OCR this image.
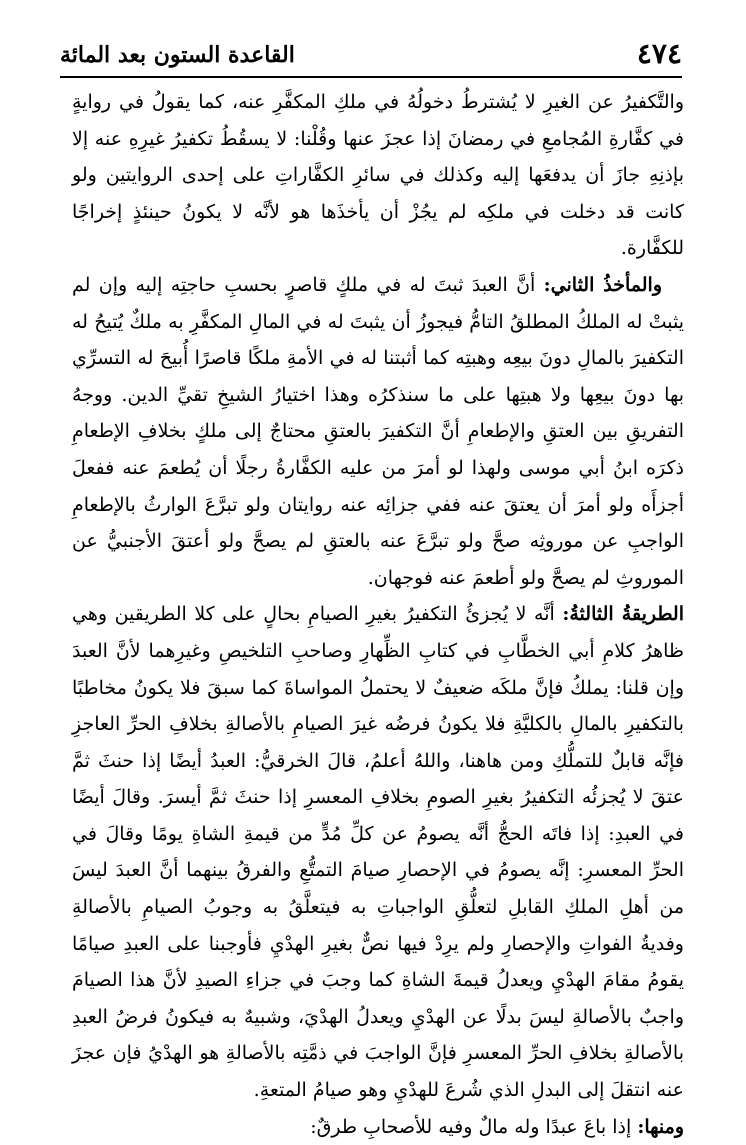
٤٧٤
القاعدة الستون بعد المائة

والتَّكفيرُ عن الغيرِ لا يُشترطُ دخولُهُ في ملكِ المكفَّرِ عنه، كما يقولُ في روايةٍ في كفَّارةِ المُجامعِ في رمضانَ إذا عجزَ عنها وقُلْنا: لا يسقُطُ تكفيرُ غيرِهِ عنه إلا بإذنِهِ جازَ أن يدفعَها إليه وكذلك في سائرِ الكفَّاراتِ على إحدى الروايتين ولو كانت قد دخلت في ملكِه لم يجُزْ أن يأخذَها هو لأنَّه لا يكونُ حينئذٍ إخراجًا للكفَّارة.

والمأخذُ الثاني: أنَّ العبدَ ثبتَ له في ملكٍ قاصرٍ بحسبِ حاجتِه إليه وإن لم يثبتْ له الملكُ المطلقُ التامُّ فيجوزُ أن يثبتَ له في المالِ المكفَّرِ به ملكٌ يُتيحُ له التكفيرَ بالمالِ دونَ بيعِه وهبتِه كما أثبتنا له في الأمةِ ملكًا قاصرًا أُبيحَ له التسرِّي بها دونَ بيعِها ولا هبتِها على ما سنذكرُه وهذا اختيارُ الشيخِ تقيِّ الدين. ووجهُ التفريقِ بين العتقِ والإطعامِ أنَّ التكفيرَ بالعتقِ محتاجٌ إلى ملكٍ بخلافِ الإطعامِ ذكرَه ابنُ أبي موسى ولهذا لو أمرَ من عليه الكفَّارةُ رجلًا أن يُطعمَ عنه ففعلَ أجزأَه ولو أمرَ أن يعتقَ عنه ففي جزائِه عنه روايتان ولو تبرَّعَ الوارثُ بالإطعامِ الواجبِ عن موروثِه صحَّ ولو تبرَّعَ عنه بالعتقِ لم يصحَّ ولو أعتقَ الأجنبيُّ عن الموروثِ لم يصحَّ ولو أطعمَ عنه فوجهان.

الطريقةُ الثالثةُ: أنَّه لا يُجزئُ التكفيرُ بغيرِ الصيامِ بحالٍ على كلا الطريقين وهي ظاهرُ كلامِ أبي الخطَّابِ في كتابِ الظِّهارِ وصاحبِ التلخيصِ وغيرِهما لأنَّ العبدَ وإن قلنا: يملكُ فإنَّ ملكَه ضعيفٌ لا يحتملُ المواساةَ كما سبقَ فلا يكونُ مخاطبًا بالتكفيرِ بالمالِ بالكليَّةِ فلا يكونُ فرضُه غيرَ الصيامِ بالأصالةِ بخلافِ الحرِّ العاجزِ فإنَّه قابلٌ للتملُّكِ ومن هاهنا، واللهُ أعلمُ، قالَ الخرقيُّ: العبدُ أيضًا إذا حنثَ ثمَّ عتقَ لا يُجزئُه التكفيرُ بغيرِ الصومِ بخلافِ المعسرِ إذا حنثَ ثمَّ أيسرَ. وقالَ أيضًا في العبدِ: إذا فاتَه الحجُّ أنَّه يصومُ عن كلِّ مُدٍّ من قيمةِ الشاةِ يومًا وقالَ في الحرِّ المعسرِ: إنَّه يصومُ في الإحصارِ صيامَ التمتُّعِ والفرقُ بينهما أنَّ العبدَ ليسَ من أهلِ الملكِ القابلِ لتعلُّقِ الواجباتِ به فيتعلَّقُ به وجوبُ الصيامِ بالأصالةِ وفديةُ الفواتِ والإحصارِ ولم يرِدْ فيها نصٌّ بغيرِ الهدْيِ فأوجبنا على العبدِ صيامًا يقومُ مقامَ الهدْيِ ويعدلُ قيمةَ الشاةِ كما وجبَ في جزاءِ الصيدِ لأنَّ هذا الصيامَ واجبٌ بالأصالةِ ليسَ بدلًا عن الهدْيِ ويعدلُ الهدْيَ، وشبيهٌ به فيكونُ فرضُ العبدِ بالأصالةِ بخلافِ الحرِّ المعسرِ فإنَّ الواجبَ في ذمَّتِه بالأصالةِ هو الهدْيُ فإن عجزَ عنه انتقلَ إلى البدلِ الذي شُرعَ للهدْيِ وهو صيامُ المتعةِ.

ومنها: إذا باعَ عبدًا وله مالٌ وفيه للأصحابِ طرقٌ:
